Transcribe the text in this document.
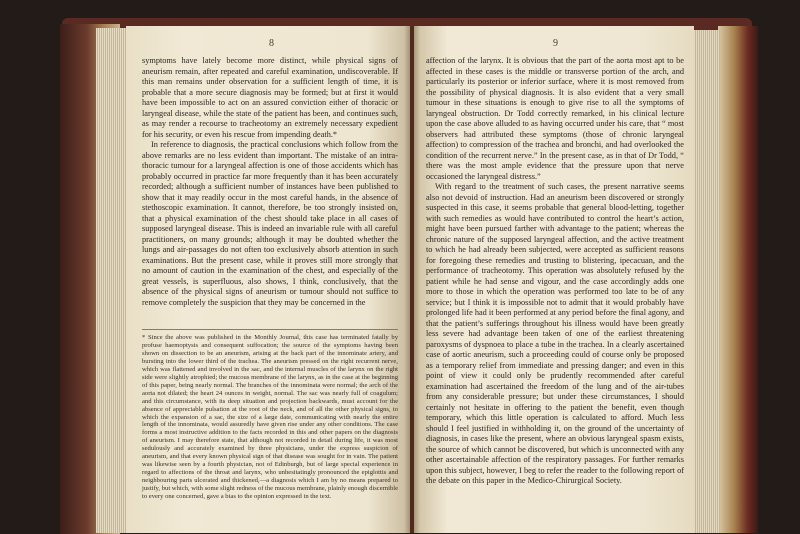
8

symptoms have lately become more distinct, while physical signs of aneurism remain, after repeated and careful examination, undiscoverable. If this man remains under observation for a sufficient length of time, it is probable that a more secure diagnosis may be formed; but at first it would have been impossible to act on an assured conviction either of thoracic or laryngeal disease, while the state of the patient has been, and continues such, as may render a recourse to tracheotomy an extremely necessary expedient for his security, or even his rescue from impending death.*

In reference to diagnosis, the practical conclusions which follow from the above remarks are no less evident than important. The mistake of an intra-thoracic tumour for a laryngeal affection is one of those accidents which has probably occurred in practice far more frequently than it has been accurately recorded; although a sufficient number of instances have been published to show that it may readily occur in the most careful hands, in the absence of stethoscopic examination. It cannot, therefore, be too strongly insisted on, that a physical examination of the chest should take place in all cases of supposed laryngeal disease. This is indeed an invariable rule with all careful practitioners, on many grounds; although it may be doubted whether the lungs and air-passages do not often too exclusively absorb attention in such examinations. But the present case, while it proves still more strongly that no amount of caution in the examination of the chest, and especially of the great vessels, is superfluous, also shows, I think, conclusively, that the absence of the physical signs of aneurism or tumour should not suffice to remove completely the suspicion that they may be concerned in the

* Since the above was published in the Monthly Journal, this case has terminated fatally by profuse haemoptysis and consequent suffocation; the source of the symptoms having been shown on dissection to be an aneurism, arising at the back part of the innominate artery, and bursting into the lower third of the trachea. The aneurism pressed on the right recurrent nerve, which was flattened and involved in the sac, and the internal muscles of the larynx on the right side were slightly atrophied; the mucous membrane of the larynx, as in the case at the beginning of this paper, being nearly normal. The branches of the innominata were normal; the arch of the aorta not dilated; the heart 24 ounces in weight, normal. The sac was nearly full of coagulum; and this circumstance, with its deep situation and projection backwards, must account for the absence of appreciable pulsation at the root of the neck, and of all the other physical signs, to which the expansion of a sac, the size of a large date, communicating with nearly the entire length of the innominata, would assuredly have given rise under any other conditions. The case forms a most instructive addition to the facts recorded in this and other papers on the diagnosis of aneurism. I may therefore state, that although not recorded in detail during life, it was most sedulously and accurately examined by three physicians, under the express suspicion of aneurism, and that every known physical sign of that disease was sought for in vain. The patient was likewise seen by a fourth physician, not of Edinburgh, but of large special experience in regard to affections of the throat and larynx, who unhesitatingly pronounced the epiglottis and neighbouring parts ulcerated and thickened,—a diagnosis which I am by no means prepared to justify, but which, with some slight redness of the mucous membrane, plainly enough discernible to every one concerned, gave a bias to the opinion expressed in the text.

9

affection of the larynx. It is obvious that the part of the aorta most apt to be affected in these cases is the middle or transverse portion of the arch, and particularly its posterior or inferior surface, where it is most removed from the possibility of physical diagnosis. It is also evident that a very small tumour in these situations is enough to give rise to all the symptoms of laryngeal obstruction. Dr Todd correctly remarked, in his clinical lecture upon the case above alluded to as having occurred under his care, that “ most observers had attributed these symptoms (those of chronic laryngeal affection) to compression of the trachea and bronchi, and had overlooked the condition of the recurrent nerve.” In the present case, as in that of Dr Todd, “ there was the most ample evidence that the pressure upon that nerve occasioned the laryngeal distress.”

With regard to the treatment of such cases, the present narrative seems also not devoid of instruction. Had an aneurism been discovered or strongly suspected in this case, it seems probable that general blood-letting, together with such remedies as would have contributed to control the heart’s action, might have been pursued farther with advantage to the patient; whereas the chronic nature of the supposed laryngeal affection, and the active treatment to which he had already been subjected, were accepted as sufficient reasons for foregoing these remedies and trusting to blistering, ipecacuan, and the performance of tracheotomy. This operation was absolutely refused by the patient while he had sense and vigour, and the case accordingly adds one more to those in which the operation was performed too late to be of any service; but I think it is impossible not to admit that it would probably have prolonged life had it been performed at any period before the final agony, and that the patient’s sufferings throughout his illness would have been greatly less severe had advantage been taken of one of the earliest threatening paroxysms of dyspnoea to place a tube in the trachea. In a clearly ascertained case of aortic aneurism, such a proceeding could of course only be proposed as a temporary relief from immediate and pressing danger; and even in this point of view it could only be prudently recommended after careful examination had ascertained the freedom of the lung and of the air-tubes from any considerable pressure; but under these circumstances, I should certainly not hesitate in offering to the patient the benefit, even though temporary, which this little operation is calculated to afford. Much less should I feel justified in withholding it, on the ground of the uncertainty of diagnosis, in cases like the present, where an obvious laryngeal spasm exists, the source of which cannot be discovered, but which is unconnected with any other ascertainable affection of the respiratory passages. For further remarks upon this subject, however, I beg to refer the reader to the following report of the debate on this paper in the Medico-Chirurgical Society.
